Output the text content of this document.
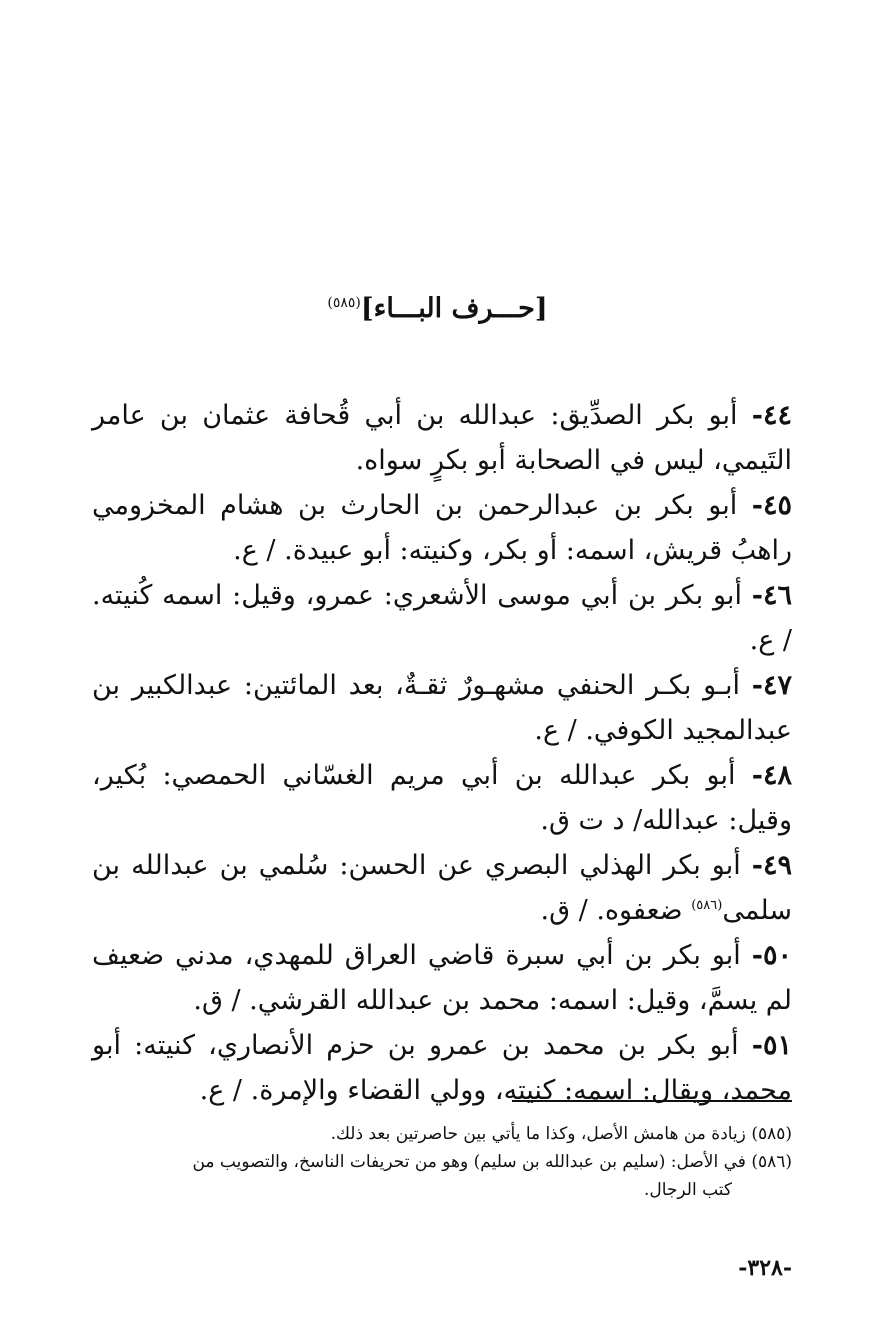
[حـــرف البـــاء]$^{(٥٨٥)}$
٤٤- أبو بكر الصدِّيق: عبدالله بن أبي قُحافة عثمان بن عامر التَيمي، ليس في الصحابة أبو بكرٍ سواه.
٤٥- أبو بكر بن عبدالرحمن بن الحارث بن هشام المخزومي راهبُ قريش، اسمه: أو بكر، وكنيته: أبو عبيدة. / ع.
٤٦- أبو بكر بن أبي موسى الأشعري: عمرو، وقيل: اسمه كُنيته. / ع.
٤٧- أبـو بكـر الحنفي مشهـورٌ ثقـةٌ، بعد المائتين: عبدالكبير بن عبدالمجيد الكوفي. / ع.
٤٨- أبو بكر عبدالله بن أبي مريم الغسّاني الحمصي: بُكير، وقيل: عبدالله/ د ت ق.
٤٩- أبو بكر الهذلي البصري عن الحسن: سُلمي بن عبدالله بن سلمى$^{(٥٨٦)}$ ضعفوه. / ق.
٥٠- أبو بكر بن أبي سبرة قاضي العراق للمهدي، مدني ضعيف لم يسمَّ، وقيل: اسمه: محمد بن عبدالله القرشي. / ق.
٥١- أبو بكر بن محمد بن عمرو بن حزم الأنصاري، كنيته: أبو محمد، ويقال: اسمه: كنيته، وولي القضاء والإمرة. / ع.
(٥٨٥) زيادة من هامش الأصل، وكذا ما يأتي بين حاصرتين بعد ذلك.
(٥٨٦) في الأصل: (سليم بن عبدالله بن سليم) وهو من تحريفات الناسخ، والتصويب من
كتب الرجال.
-٣٢٨-
